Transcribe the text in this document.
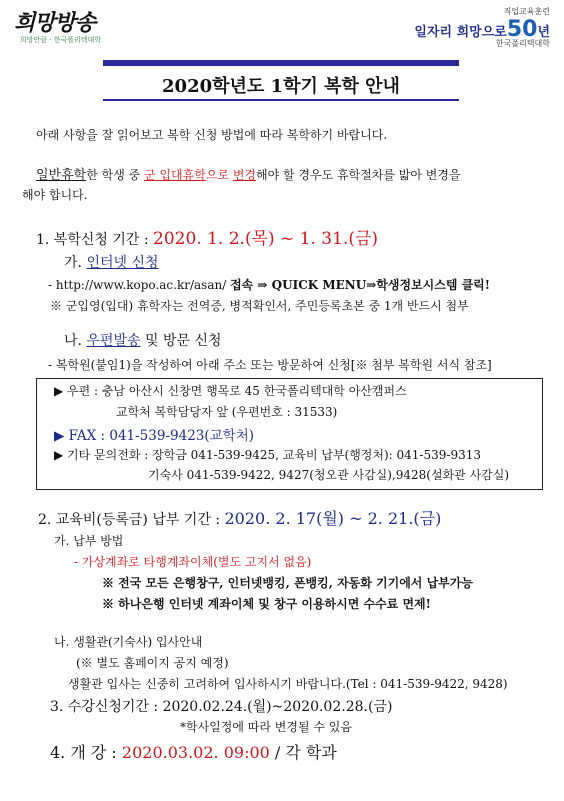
희망방송
희망만큼 · 한국폴리텍대학
직업교육훈련
일자리 희망으로50년
한국폴리텍대학
2020학년도 1학기 복학 안내
아래 사항을 잘 읽어보고 복학 신청 방법에 따라 복학하기 바랍니다.
일반휴학한 학생 중 군 입대휴학으로 변경해야 할 경우도 휴학절차를 밟아 변경을
해야 합니다.
1. 복학신청 기간 : 2020. 1. 2.(목) ~ 1. 31.(금)
가. 인터넷 신청
- http://www.kopo.ac.kr/asan/ 접속 ⇒ QUICK MENU⇒학생정보시스템 클릭!
※ 군입영(입대) 휴학자는 전역증, 병적확인서, 주민등록초본 중 1개 반드시 첨부
나. 우편발송 및 방문 신청
- 복학원(붙임1)을 작성하여 아래 주소 또는 방문하여 신청[※ 첨부 복학원 서식 참조]
▶ 우편 : 충남 아산시 신창면 행목로 45 한국폴리텍대학 아산캠퍼스
교학처 복학담당자 앞 (우편번호 : 31533)
▶ FAX : 041-539-9423(교학처)
▶ 기타 문의전화 : 장학금 041-539-9425, 교육비 납부(행정처): 041-539-9313
기숙사 041-539-9422, 9427(청오관 사감실),9428(설화관 사감실)
2. 교육비(등록금) 납부 기간 : 2020. 2. 17(월) ~ 2. 21.(금)
가. 납부 방법
- 가상계좌로 타행계좌이체(별도 고지서 없음)
※ 전국 모든 은행창구, 인터넷뱅킹, 폰뱅킹, 자동화 기기에서 납부가능
※ 하나은행 인터넷 계좌이체 및 창구 이용하시면 수수료 면제!
나. 생활관(기숙사) 입사안내
(※ 별도 홈페이지 공지 예정)
생활관 입사는 신중히 고려하여 입사하시기 바랍니다.(Tel : 041-539-9422, 9428)
3. 수강신청기간 : 2020.02.24.(월)~2020.02.28.(금)
*학사일정에 따라 변경될 수 있음
4. 개 강 : 2020.03.02. 09:00 / 각 학과
